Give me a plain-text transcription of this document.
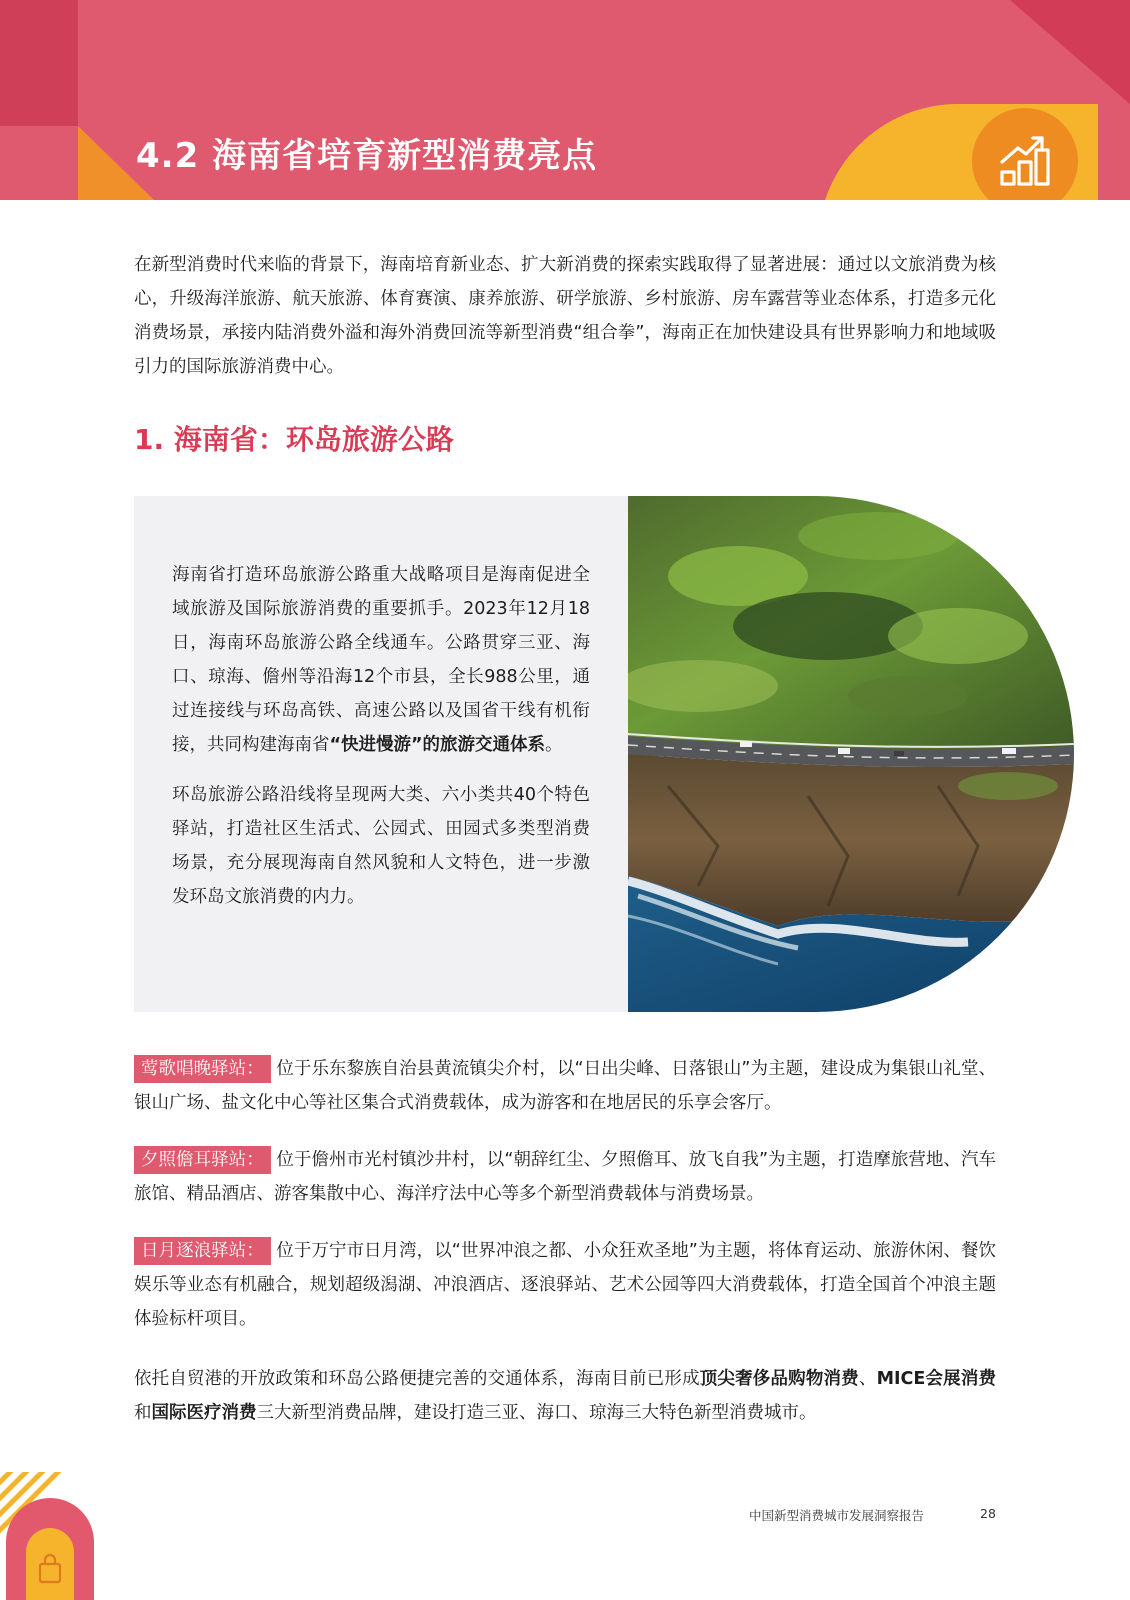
4.2 海南省培育新型消费亮点

在新型消费时代来临的背景下，海南培育新业态、扩大新消费的探索实践取得了显著进展：通过以文旅消费为核心，升级海洋旅游、航天旅游、体育赛演、康养旅游、研学旅游、乡村旅游、房车露营等业态体系，打造多元化消费场景，承接内陆消费外溢和海外消费回流等新型消费“组合拳”，海南正在加快建设具有世界影响力和地域吸引力的国际旅游消费中心。

1. 海南省：环岛旅游公路

海南省打造环岛旅游公路重大战略项目是海南促进全域旅游及国际旅游消费的重要抓手。2023年12月18日，海南环岛旅游公路全线通车。公路贯穿三亚、海口、琼海、儋州等沿海12个市县，全长988公里，通过连接线与环岛高铁、高速公路以及国省干线有机衔接，共同构建海南省“快进慢游”的旅游交通体系。

环岛旅游公路沿线将呈现两大类、六小类共40个特色驿站，打造社区生活式、公园式、田园式多类型消费场景，充分展现海南自然风貌和人文特色，进一步激发环岛文旅消费的内力。

莺歌唱晚驿站： 位于乐东黎族自治县黄流镇尖介村，以“日出尖峰、日落银山”为主题，建设成为集银山礼堂、银山广场、盐文化中心等社区集合式消费载体，成为游客和在地居民的乐享会客厅。

夕照儋耳驿站： 位于儋州市光村镇沙井村，以“朝辞红尘、夕照儋耳、放飞自我”为主题，打造摩旅营地、汽车旅馆、精品酒店、游客集散中心、海洋疗法中心等多个新型消费载体与消费场景。

日月逐浪驿站： 位于万宁市日月湾，以“世界冲浪之都、小众狂欢圣地”为主题，将体育运动、旅游休闲、餐饮娱乐等业态有机融合，规划超级潟湖、冲浪酒店、逐浪驿站、艺术公园等四大消费载体，打造全国首个冲浪主题体验标杆项目。

依托自贸港的开放政策和环岛公路便捷完善的交通体系，海南目前已形成顶尖奢侈品购物消费、MICE会展消费和国际医疗消费三大新型消费品牌，建设打造三亚、海口、琼海三大特色新型消费城市。

中国新型消费城市发展洞察报告	28
